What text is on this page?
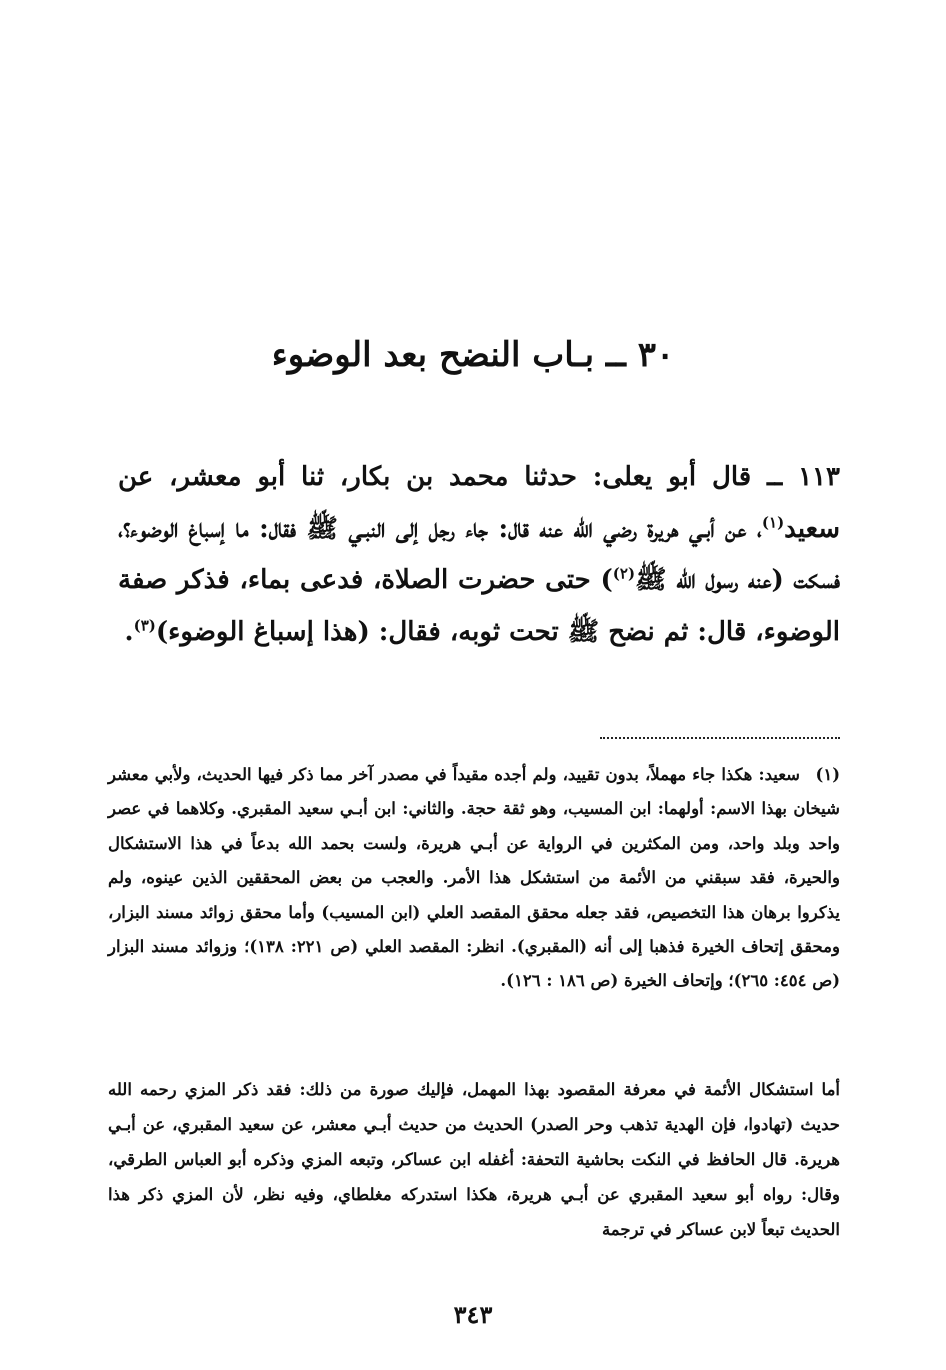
٣٠ ــ بـاب النضح بعد الوضوء
١١٣ ــ قال أبو يعلى: حدثنا محمد بن بكار، ثنا أبو معشر، عن سعيد$^{(١)}$، عن أبـي هريرة رضي الله عنه قال: جاء رجل إلى النبـي ﷺ فقال: ما إسباغ الوضوء؟، فسكت (عنه رسول الله ﷺ$^{(٢)}$) حتى حضرت الصلاة، فدعى بماء، فذكر صفة الوضوء، قال: ثم نضح ﷺ تحت ثوبه، فقال: (هذا إسباغ الوضوء)$^{(٣)}$.
(١)سعيد: هكذا جاء مهملاً، بدون تقييد، ولم أجده مقيداً في مصدر آخر مما ذكر فيها الحديث، ولأبي معشر شيخان بهذا الاسم: أولهما: ابن المسيب، وهو ثقة حجة. والثاني: ابن أبـي سعيد المقبري. وكلاهما في عصر واحد وبلد واحد، ومن المكثرين في الرواية عن أبـي هريرة، ولست بحمد الله بدعاً في هذا الاستشكال والحيرة، فقد سبقني من الأئمة من استشكل هذا الأمر. والعجب من بعض المحققين الذين عينوه، ولم يذكروا برهان هذا التخصيص، فقد جعله محقق المقصد العلي (ابن المسيب) وأما محقق زوائد مسند البزار، ومحقق إتحاف الخيرة فذهبا إلى أنه (المقبري). انظر: المقصد العلي (ص ٢٢١: ١٣٨)؛ وزوائد مسند البزار (ص ٤٥٤: ٢٦٥)؛ وإتحاف الخيرة (ص ١٨٦ : ١٢٦).
أما استشكال الأئمة في معرفة المقصود بهذا المهمل، فإليك صورة من ذلك: فقد ذكر المزي رحمه الله حديث (تهادوا، فإن الهدية تذهب وحر الصدر) الحديث من حديث أبـي معشر، عن سعيد المقبري، عن أبـي هريرة. قال الحافظ في النكت بحاشية التحفة: أغفله ابن عساكر، وتبعه المزي وذكره أبو العباس الطرقي، وقال: رواه أبو سعيد المقبري عن أبـي هريرة، هكذا استدركه مغلطاي، وفيه نظر، لأن المزي ذكر هذا الحديث تبعاً لابن عساكر في ترجمة
٣٤٣
